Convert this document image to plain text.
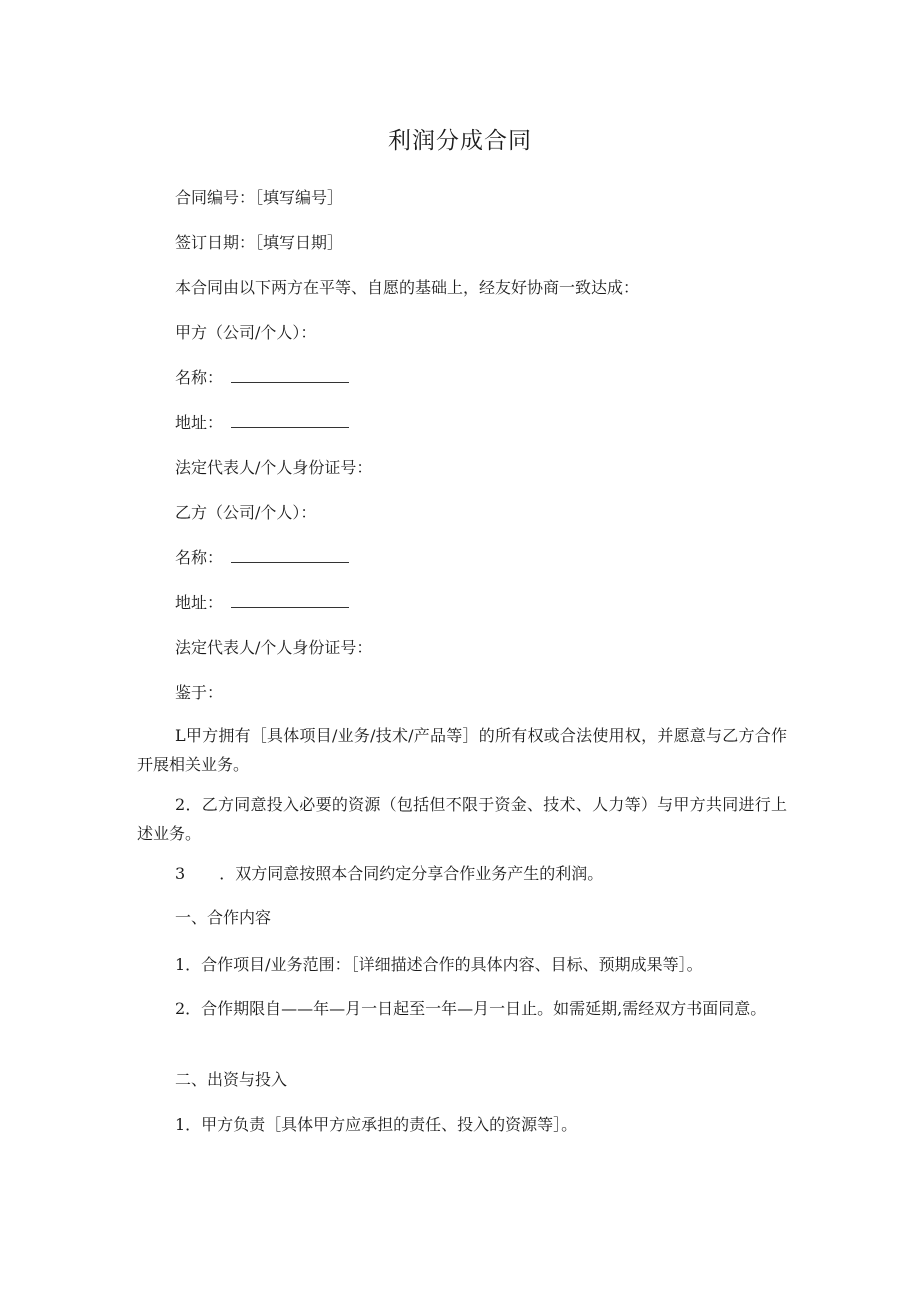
利润分成合同
合同编号：［填写编号］
签订日期：［填写日期］
本合同由以下两方在平等、自愿的基础上，经友好协商一致达成：
甲方（公司/个人）：
名称：
地址：
法定代表人/个人身份证号：
乙方（公司/个人）：
名称：
地址：
法定代表人/个人身份证号：
鉴于：
L甲方拥有［具体项目/业务/技术/产品等］的所有权或合法使用权，并愿意与乙方合作开展相关业务。
2．乙方同意投入必要的资源（包括但不限于资金、技术、人力等）与甲方共同进行上述业务。
3 ．双方同意按照本合同约定分享合作业务产生的利润。
一、合作内容
1．合作项目/业务范围：［详细描述合作的具体内容、目标、预期成果等］。
2．合作期限自——年—月一日起至一年—月一日止。如需延期,需经双方书面同意。
二、出资与投入
1．甲方负责［具体甲方应承担的责任、投入的资源等］。
